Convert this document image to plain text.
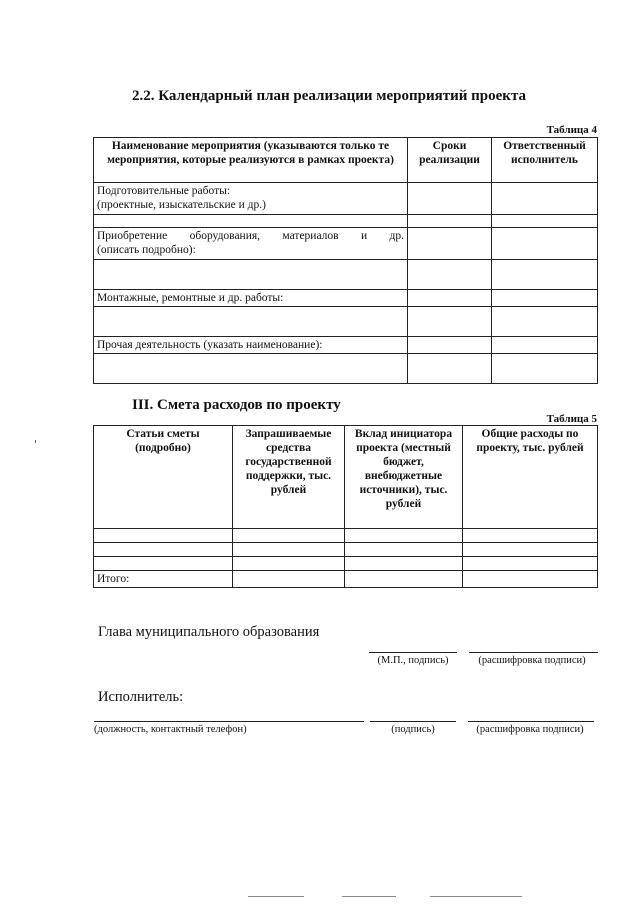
2.2. Календарный план реализации мероприятий проекта
Таблица 4
Наименование мероприятия (указываются только те мероприятия, которые реализуются в рамках проекта)	Сроки реализации	Ответственный исполнитель

Подготовительные работы:
(проектные, изыскательские и др.)		

Приобретение оборудования, материалов и др.
(описать подробно):		

Монтажные, ремонтные и др. работы:		

Прочая деятельность (указать наименование):		

III. Смета расходов по проекту
Таблица 5
Статьи сметы (подробно)	Запрашиваемые средства государственной поддержки, тыс. рублей	Вклад инициатора проекта (местный бюджет, внебюджетные источники), тыс. рублей	Общие расходы по проекту, тыс. рублей

Итого:			
Глава муниципального образования
(М.П., подпись)	(расшифровка подписи)
Исполнитель:
(должность, контактный телефон)	(подпись)	(расшифровка подписи)
